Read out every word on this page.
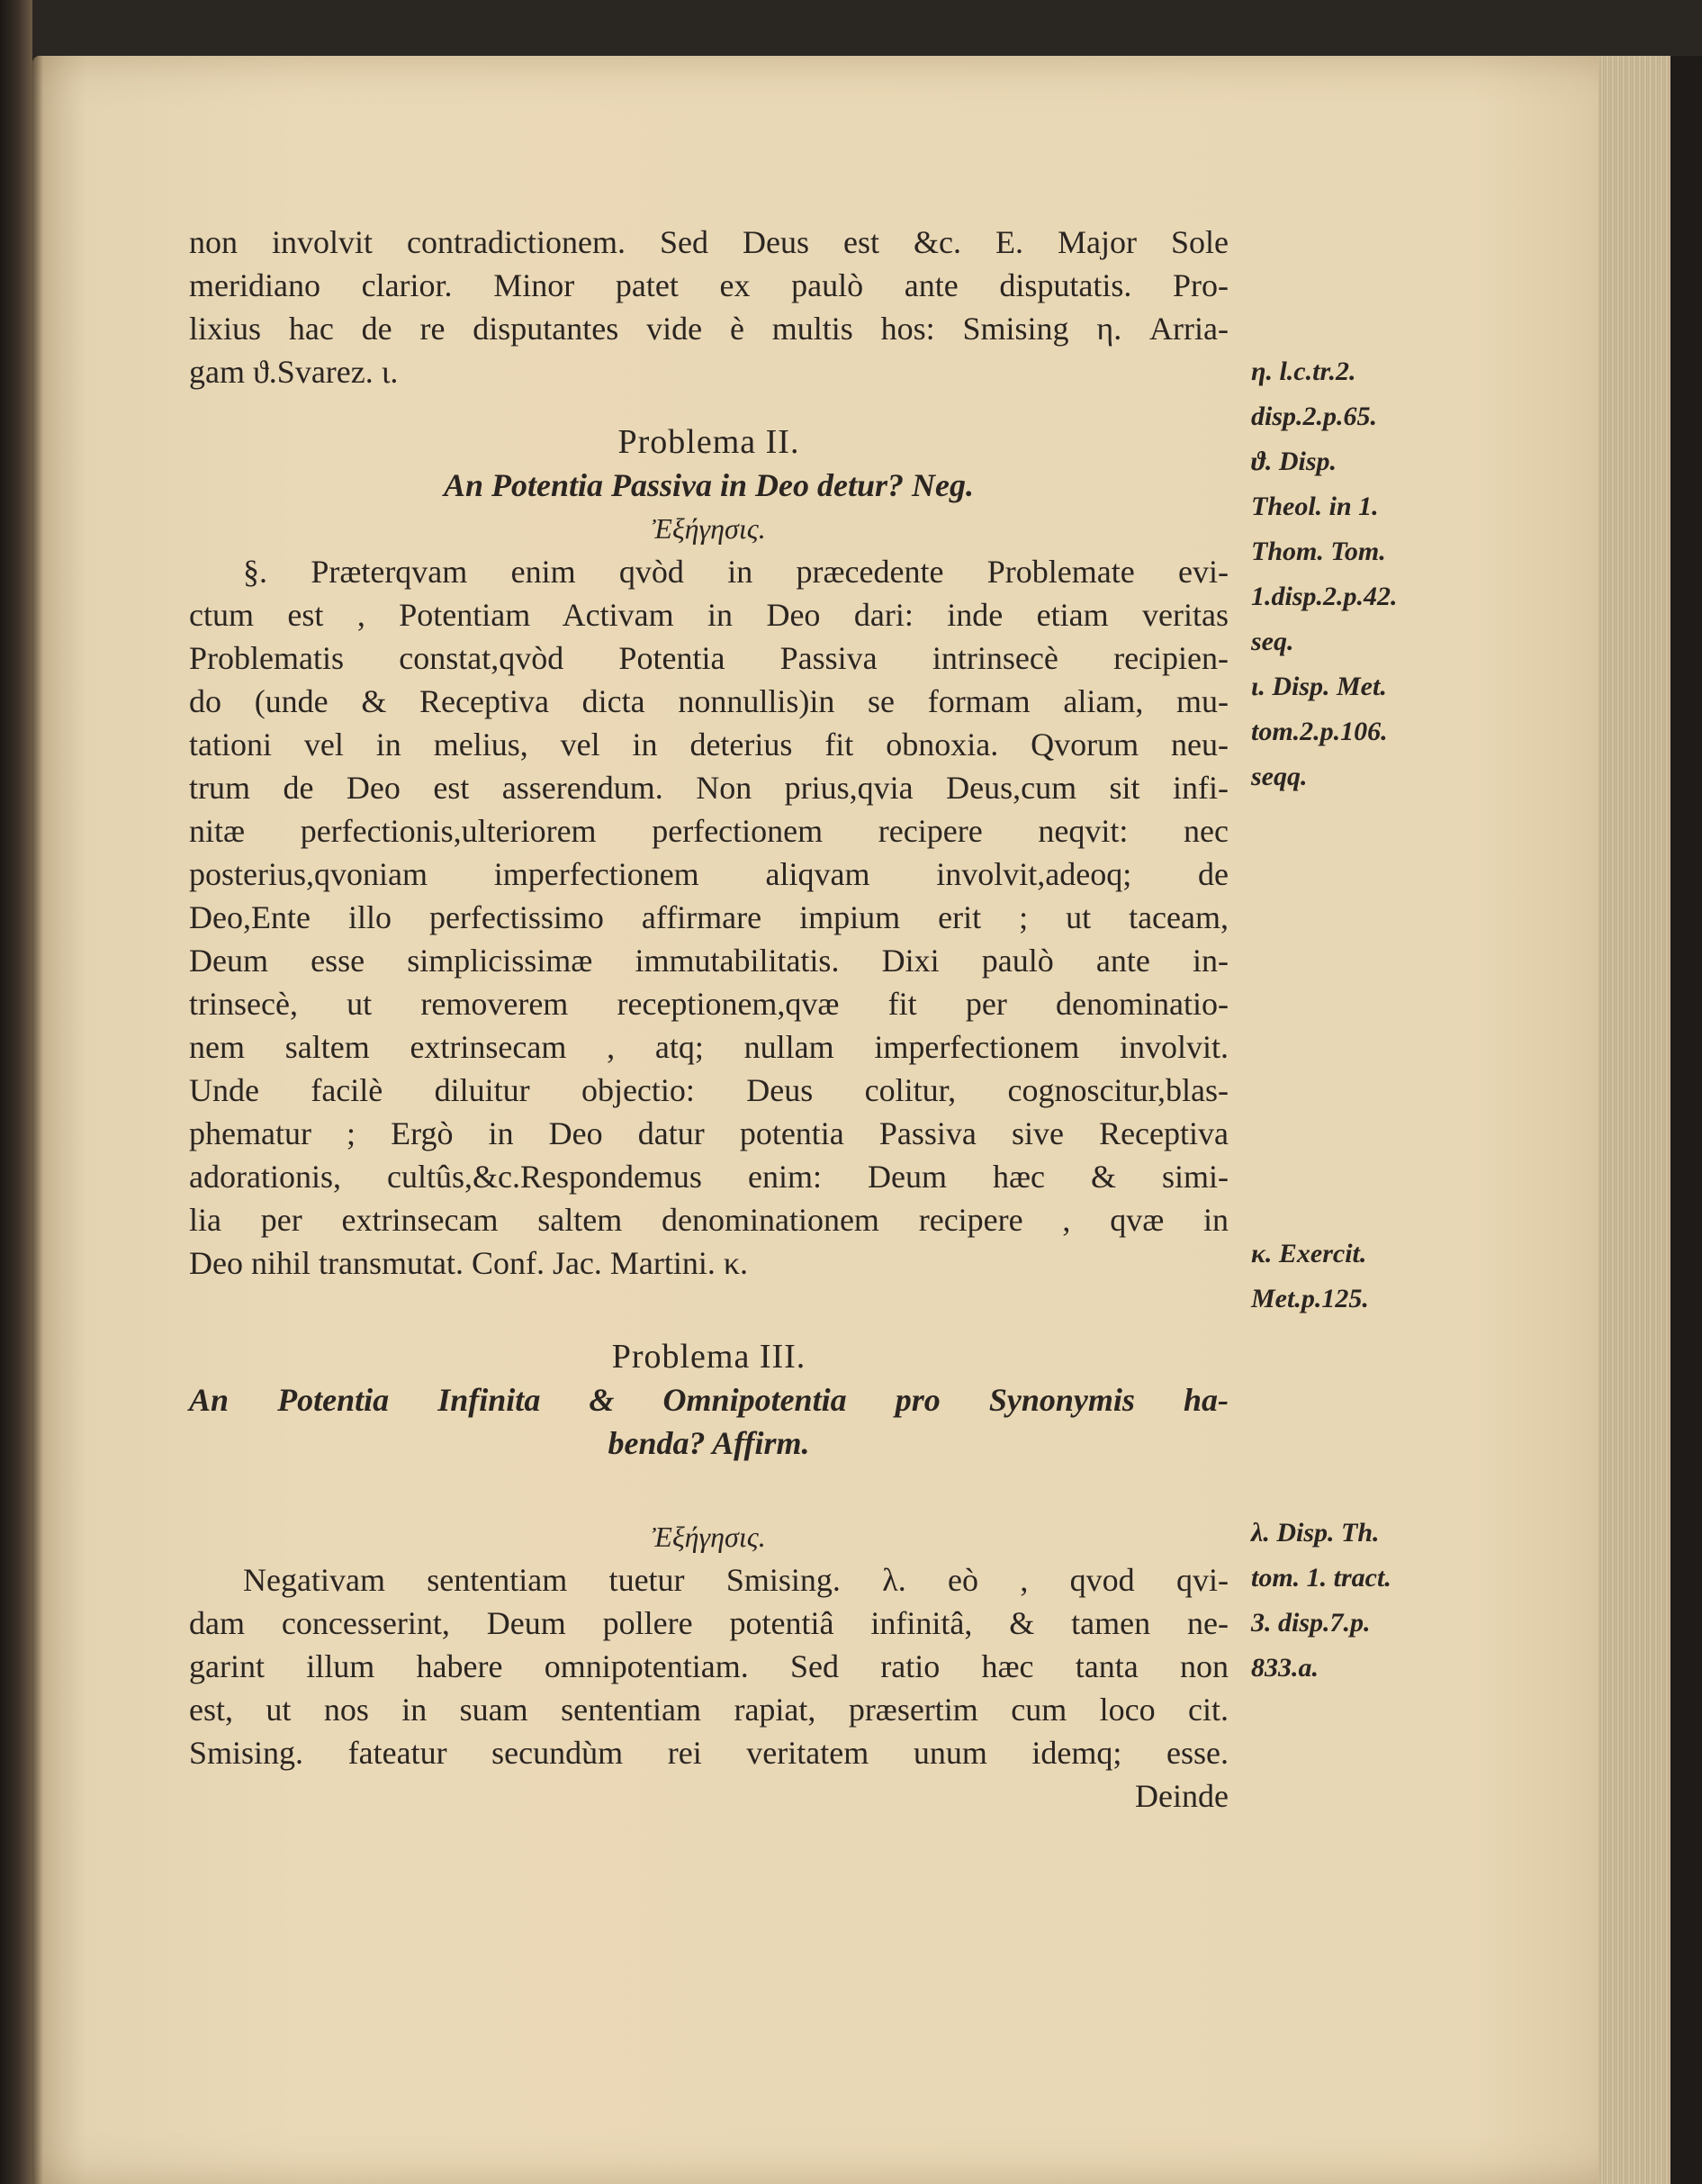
non involvit contradictionem. Sed Deus est &c. E. Major Sole
meridiano clarior. Minor patet ex paulò ante disputatis. Pro-
lixius hac de re disputantes vide è multis hos: Smising η. Arria-
gam ϑ.Svarez. ι.
Problema II.
An Potentia Passiva in Deo detur? Neg.
Ἐξήγησις.
§. Præterqvam enim qvòd in præcedente Problemate evi-
ctum est , Potentiam Activam in Deo dari: inde etiam veritas
Problematis constat,qvòd Potentia Passiva intrinsecè recipien-
do (unde & Receptiva dicta nonnullis)in se formam aliam, mu-
tationi vel in melius, vel in deterius fit obnoxia. Qvorum neu-
trum de Deo est asserendum. Non prius,qvia Deus,cum sit infi-
nitæ perfectionis,ulteriorem perfectionem recipere neqvit: nec
posterius,qvoniam imperfectionem aliqvam involvit,adeoq; de
Deo,Ente illo perfectissimo affirmare impium erit ; ut taceam,
Deum esse simplicissimæ immutabilitatis. Dixi paulò ante in-
trinsecè, ut removerem receptionem,qvæ fit per denominatio-
nem saltem extrinsecam , atq; nullam imperfectionem involvit.
Unde facilè diluitur objectio: Deus colitur, cognoscitur,blas-
phematur ; Ergò in Deo datur potentia Passiva sive Receptiva
adorationis, cultûs,&c.Respondemus enim: Deum hæc & simi-
lia per extrinsecam saltem denominationem recipere , qvæ in
Deo nihil transmutat. Conf. Jac. Martini. κ.
Problema III.
An Potentia Infinita & Omnipotentia pro Synonymis ha-
benda? Affirm.
Ἐξήγησις.
Negativam sententiam tuetur Smising. λ. eò , qvod qvi-
dam concesserint, Deum pollere potentiâ infinitâ, & tamen ne-
garint illum habere omnipotentiam. Sed ratio hæc tanta non
est, ut nos in suam sententiam rapiat, præsertim cum loco cit.
Smising. fateatur secundùm rei veritatem unum idemq; esse.
Deinde
η. l.c.tr.2.
disp.2.p.65.
ϑ. Disp.
Theol. in 1.
Thom. Tom.
1.disp.2.p.42.
seq.
ι. Disp. Met.
tom.2.p.106.
seqq.
κ. Exercit.
Met.p.125.
λ. Disp. Th.
tom. 1. tract.
3. disp.7.p.
833.a.
